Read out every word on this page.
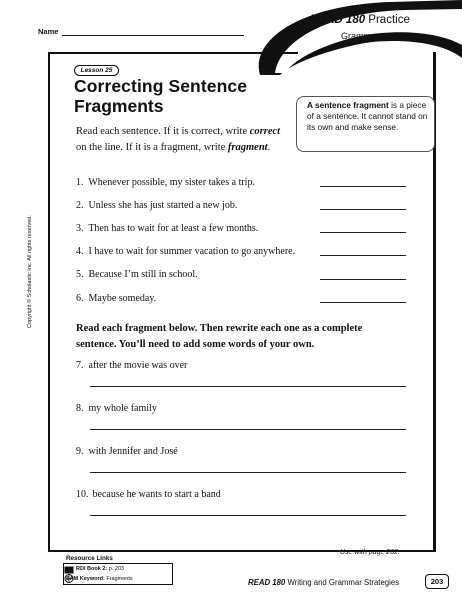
Name
READ 180 Practice
Grammar
Lesson 25
Correcting Sentence
Fragments	A sentence fragment is a piece of a sentence. It cannot stand on its own and make sense.
Read each sentence. If it is correct, write correct on the line. If it is a fragment, write fragment.
1. Whenever possible, my sister takes a trip.
2. Unless she has just started a new job.
3. Then has to wait for at least a few months.
4. I have to wait for summer vacation to go anywhere.
5. Because I’m still in school.
6. Maybe someday.
Read each fragment below. Then rewrite each one as a complete sentence. You’ll need to add some words of your own.
7. after the movie was over
8. my whole family
9. with Jennifer and José
10. because he wants to start a band
Copyright © Scholastic Inc. All rights reserved.
Use with page 202.
Resource Links
RDI Book 2: p. 203
SAM Keyword: Fragments	READ 180 Writing and Grammar Strategies	203
